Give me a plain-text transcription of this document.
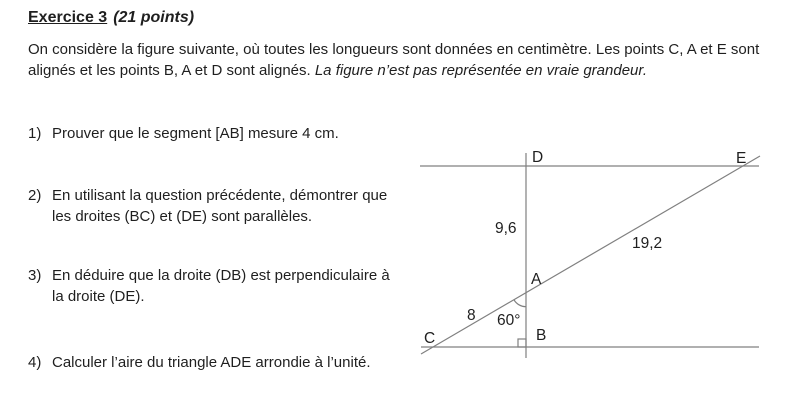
Exercice 3 (21 points)
On considère la figure suivante, où toutes les longueurs sont données en centimètre. Les points C, A et E sont alignés et les points B, A et D sont alignés. La figure n’est pas représentée en vraie grandeur.
1) Prouver que le segment [AB] mesure 4 cm.
2) En utilisant la question précédente, démontrer que les droites (BC) et (DE) sont parallèles.
3) En déduire que la droite (DB) est perpendiculaire à la droite (DE).
4) Calculer l’aire du triangle ADE arrondie à l’unité.
D	E
A
B
C
9,6
19,2
8 60°
